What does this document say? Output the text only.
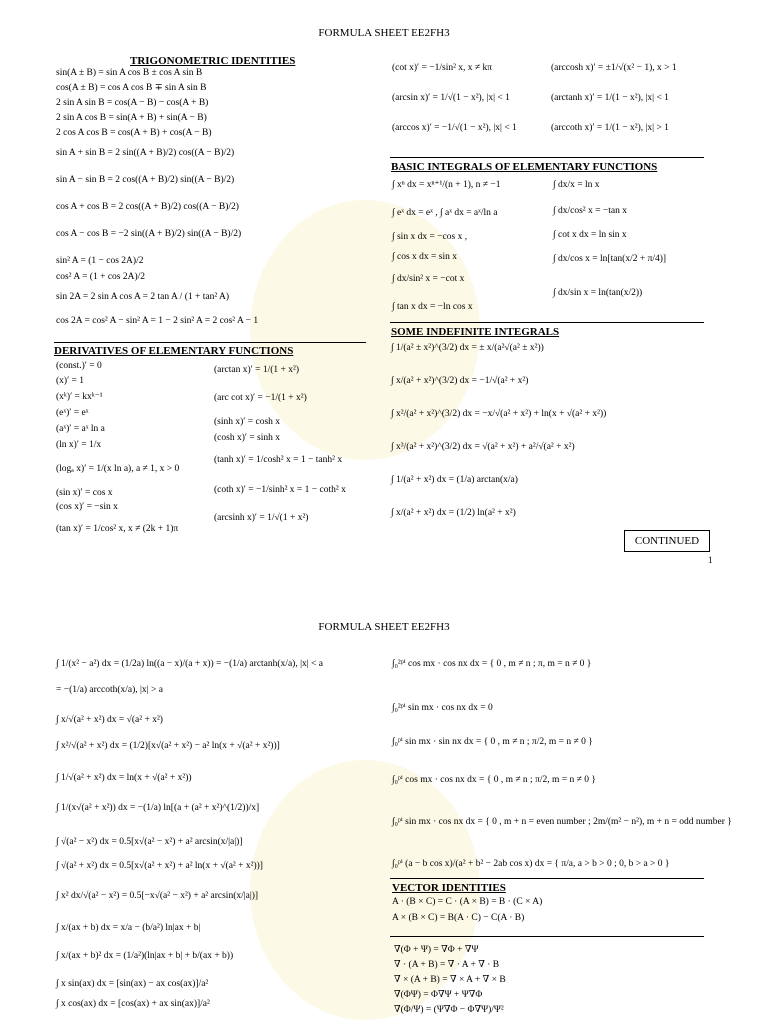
FORMULA SHEET EE2FH3
TRIGONOMETRIC IDENTITIES
sin(A ± B) = sin A cos B ± cos A sin B
cos(A ± B) = cos A cos B ∓ sin A sin B
2 sin A sin B = cos(A − B) − cos(A + B)
2 sin A cos B = sin(A + B) + sin(A − B)
2 cos A cos B = cos(A + B) + cos(A − B)
sin A + sin B = 2 sin((A + B)/2) cos((A − B)/2)
sin A − sin B = 2 cos((A + B)/2) sin((A − B)/2)
cos A + cos B = 2 cos((A + B)/2) cos((A − B)/2)
cos A − cos B = −2 sin((A + B)/2) sin((A − B)/2)
sin² A = (1 − cos 2A)/2
cos² A = (1 + cos 2A)/2
sin 2A = 2 sin A cos A = 2 tan A / (1 + tan² A)
cos 2A = cos² A − sin² A = 1 − 2 sin² A = 2 cos² A − 1
DERIVATIVES OF ELEMENTARY FUNCTIONS
(const.)′ = 0
(x)′ = 1
(xᵏ)′ = kxᵏ⁻¹
(eˣ)′ = eˣ
(aˣ)′ = aˣ ln a
(ln x)′ = 1/x
(logₐ x)′ = 1/(x ln a), a ≠ 1, x > 0
(sin x)′ = cos x
(cos x)′ = −sin x
(tan x)′ = 1/cos² x, x ≠ (2k + 1)π
(arctan x)′ = 1/(1 + x²)
(arc cot x)′ = −1/(1 + x²)
(sinh x)′ = cosh x
(cosh x)′ = sinh x
(tanh x)′ = 1/cosh² x = 1 − tanh² x
(coth x)′ = −1/sinh² x = 1 − coth² x
(arcsinh x)′ = 1/√(1 + x²)
(cot x)′ = −1/sin² x, x ≠ kπ
(arcsin x)′ = 1/√(1 − x²), |x| < 1
(arccos x)′ = −1/√(1 − x²), |x| < 1
(arccosh x)′ = ±1/√(x² − 1), x > 1
(arctanh x)′ = 1/(1 − x²), |x| < 1
(arccoth x)′ = 1/(1 − x²), |x| > 1
BASIC INTEGRALS OF ELEMENTARY FUNCTIONS
∫ xⁿ dx = xⁿ⁺¹/(n + 1), n ≠ −1
∫ eˣ dx = eˣ , ∫ aˣ dx = aˣ/ln a
∫ sin x dx = −cos x ,
∫ cos x dx = sin x
∫ dx/sin² x = −cot x
∫ tan x dx = −ln cos x
∫ dx/x = ln x
∫ dx/cos² x = −tan x
∫ cot x dx = ln sin x
∫ dx/cos x = ln[tan(x/2 + π/4)]
∫ dx/sin x = ln(tan(x/2))
SOME INDEFINITE INTEGRALS
∫ 1/(a² ± x²)^(3/2) dx = ± x/(a²√(a² ± x²))
∫ x/(a² + x²)^(3/2) dx = −1/√(a² + x²)
∫ x²/(a² + x²)^(3/2) dx = −x/√(a² + x²) + ln(x + √(a² + x²))
∫ x³/(a² + x²)^(3/2) dx = √(a² + x²) + a²/√(a² + x²)
∫ 1/(a² + x²) dx = (1/a) arctan(x/a)
∫ x/(a² + x²) dx = (1/2) ln(a² + x²)
CONTINUED
1
FORMULA SHEET EE2FH3
∫ 1/(x² − a²) dx = (1/2a) ln((a − x)/(a + x)) = −(1/a) arctanh(x/a), |x| < a
= −(1/a) arccoth(x/a), |x| > a
∫ x/√(a² + x²) dx = √(a² + x²)
∫ x²/√(a² + x²) dx = (1/2)[x√(a² + x²) − a² ln(x + √(a² + x²))]
∫ 1/√(a² + x²) dx = ln(x + √(a² + x²))
∫ 1/(x√(a² + x²)) dx = −(1/a) ln[(a + (a² + x²)^(1/2))/x]
∫ √(a² − x²) dx = 0.5[x√(a² − x²) + a² arcsin(x/|a|)]
∫ √(a² + x²) dx = 0.5[x√(a² + x²) + a² ln(x + √(a² + x²))]
∫ x² dx/√(a² − x²) = 0.5[−x√(a² − x²) + a² arcsin(x/|a|)]
∫ x/(ax + b) dx = x/a − (b/a²) ln|ax + b|
∫ x/(ax + b)² dx = (1/a²)(ln|ax + b| + b/(ax + b))
∫ x sin(ax) dx = [sin(ax) − ax cos(ax)]/a²
∫ x cos(ax) dx = [cos(ax) + ax sin(ax)]/a²
∫₀²ᵖⁱ cos mx · cos nx dx = { 0 , m ≠ n ; π, m = n ≠ 0 }
∫₀²ᵖⁱ sin mx · cos nx dx = 0
∫₀ᵖⁱ sin mx · sin nx dx = { 0 , m ≠ n ; π/2, m = n ≠ 0 }
∫₀ᵖⁱ cos mx · cos nx dx = { 0 , m ≠ n ; π/2, m = n ≠ 0 }
∫₀ᵖⁱ sin mx · cos nx dx = { 0 , m + n = even number ; 2m/(m² − n²), m + n = odd number }
∫₀ᵖⁱ (a − b cos x)/(a² + b² − 2ab cos x) dx = { π/a, a > b > 0 ; 0, b > a > 0 }
VECTOR IDENTITIES
A · (B × C) = C · (A × B) = B · (C × A)
A × (B × C) = B(A · C) − C(A · B)
∇(Φ + Ψ) = ∇Φ + ∇Ψ
∇ · (A + B) = ∇ · A + ∇ · B
∇ × (A + B) = ∇ × A + ∇ × B
∇(ΦΨ) = Φ∇Ψ + Ψ∇Φ
∇(Φ/Ψ) = (Ψ∇Φ − Φ∇Ψ)/Ψ²
